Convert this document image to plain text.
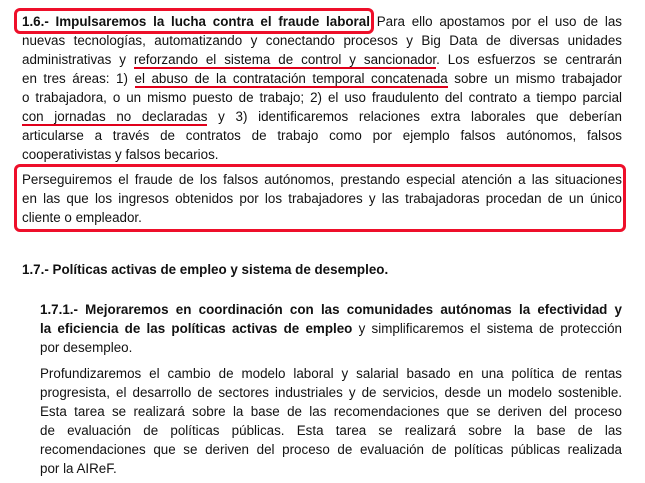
1.6.- Impulsaremos la lucha contra el fraude laboral Para ello apostamos por el uso de las
nuevas tecnologías, automatizando y conectando procesos y Big Data de diversas unidades
administrativas y reforzando el sistema de control y sancionador. Los esfuerzos se centrarán
en tres áreas: 1) el abuso de la contratación temporal concatenada sobre un mismo trabajador
o trabajadora, o un mismo puesto de trabajo; 2) el uso fraudulento del contrato a tiempo parcial
con jornadas no declaradas y 3) identificaremos relaciones extra laborales que deberían
articularse a través de contratos de trabajo como por ejemplo falsos autónomos, falsos
cooperativistas y falsos becarios.
Perseguiremos el fraude de los falsos autónomos, prestando especial atención a las situaciones
en las que los ingresos obtenidos por los trabajadores y las trabajadoras procedan de un único
cliente o empleador.
1.7.- Políticas activas de empleo y sistema de desempleo.
1.7.1.- Mejoraremos en coordinación con las comunidades autónomas la efectividad y
la eficiencia de las políticas activas de empleo y simplificaremos el sistema de protección
por desempleo.
Profundizaremos el cambio de modelo laboral y salarial basado en una política de rentas
progresista, el desarrollo de sectores industriales y de servicios, desde un modelo sostenible.
Esta tarea se realizará sobre la base de las recomendaciones que se deriven del proceso
de evaluación de políticas públicas. Esta tarea se realizará sobre la base de las
recomendaciones que se deriven del proceso de evaluación de políticas públicas realizada
por la AIReF.
